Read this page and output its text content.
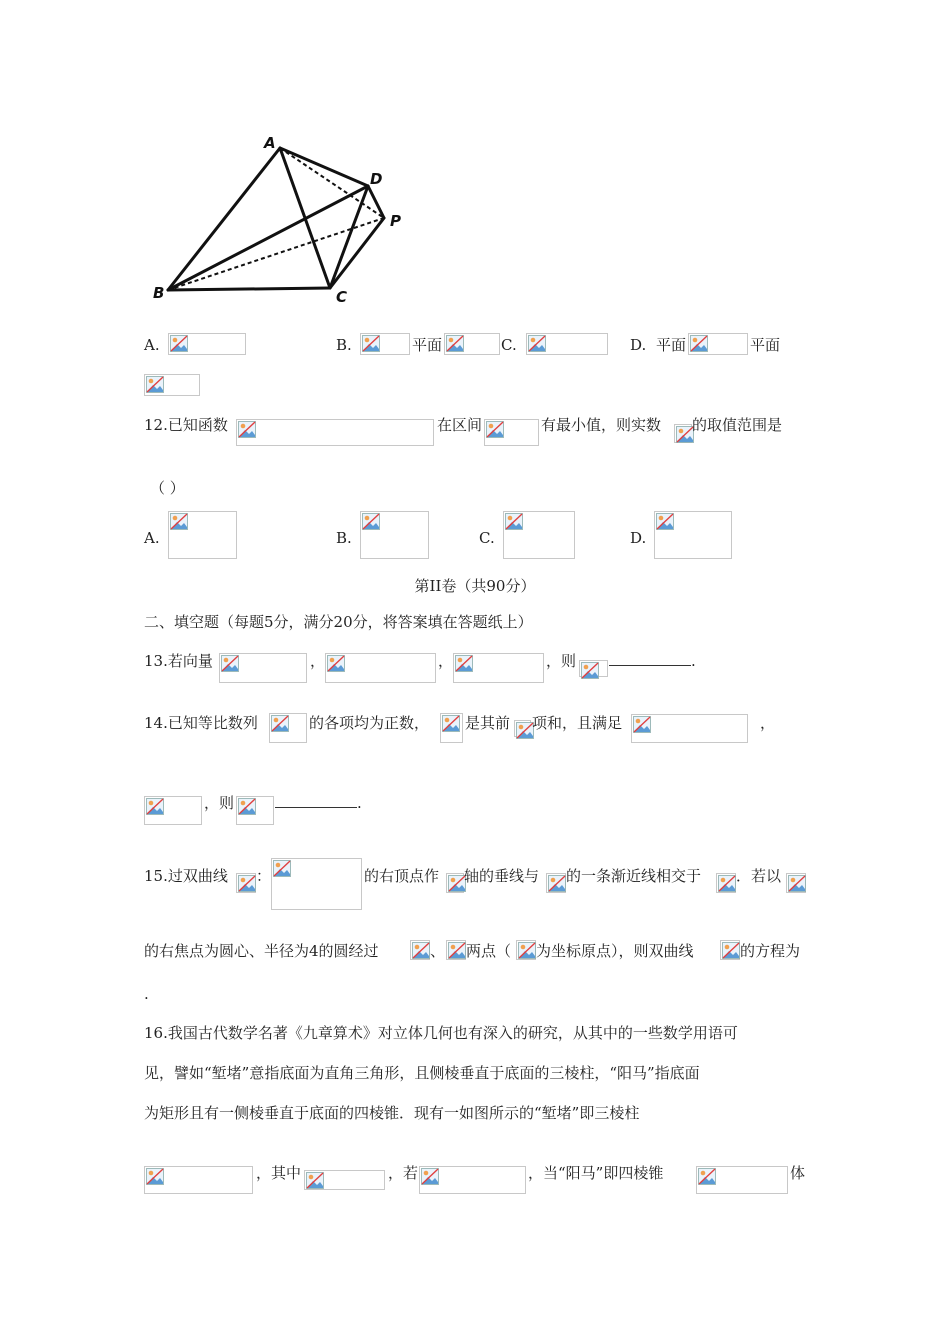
A
B	C
D
P
A.	B.	平面	C.	D. 平面	平面
12.已知函数	在区间	有最小值，则实数 的取值范围是
（ ）
A.	B.	C.	D.
第II卷（共90分）
二、填空题（每题5分，满分20分，将答案填在答题纸上）
13.若向量	，	，	，则	.
14.已知等比数列	的各项均为正数， 是其前 项和，且满足	，
，则	.
15.过双曲线 ：	的右顶点作 轴的垂线与 的一条渐近线相交于 ．若以
的右焦点为圆心、半径为4的圆经过	、 两点（ 为坐标原点），则双曲线	的方程为
.
16.我国古代数学名著《九章算术》对立体几何也有深入的研究，从其中的一些数学用语可
见，譬如“堑堵”意指底面为直角三角形，且侧棱垂直于底面的三棱柱，“阳马”指底面
为矩形且有一侧棱垂直于底面的四棱锥．现有一如图所示的“堑堵”即三棱柱
，其中	，若	，当“阳马”即四棱锥	体
